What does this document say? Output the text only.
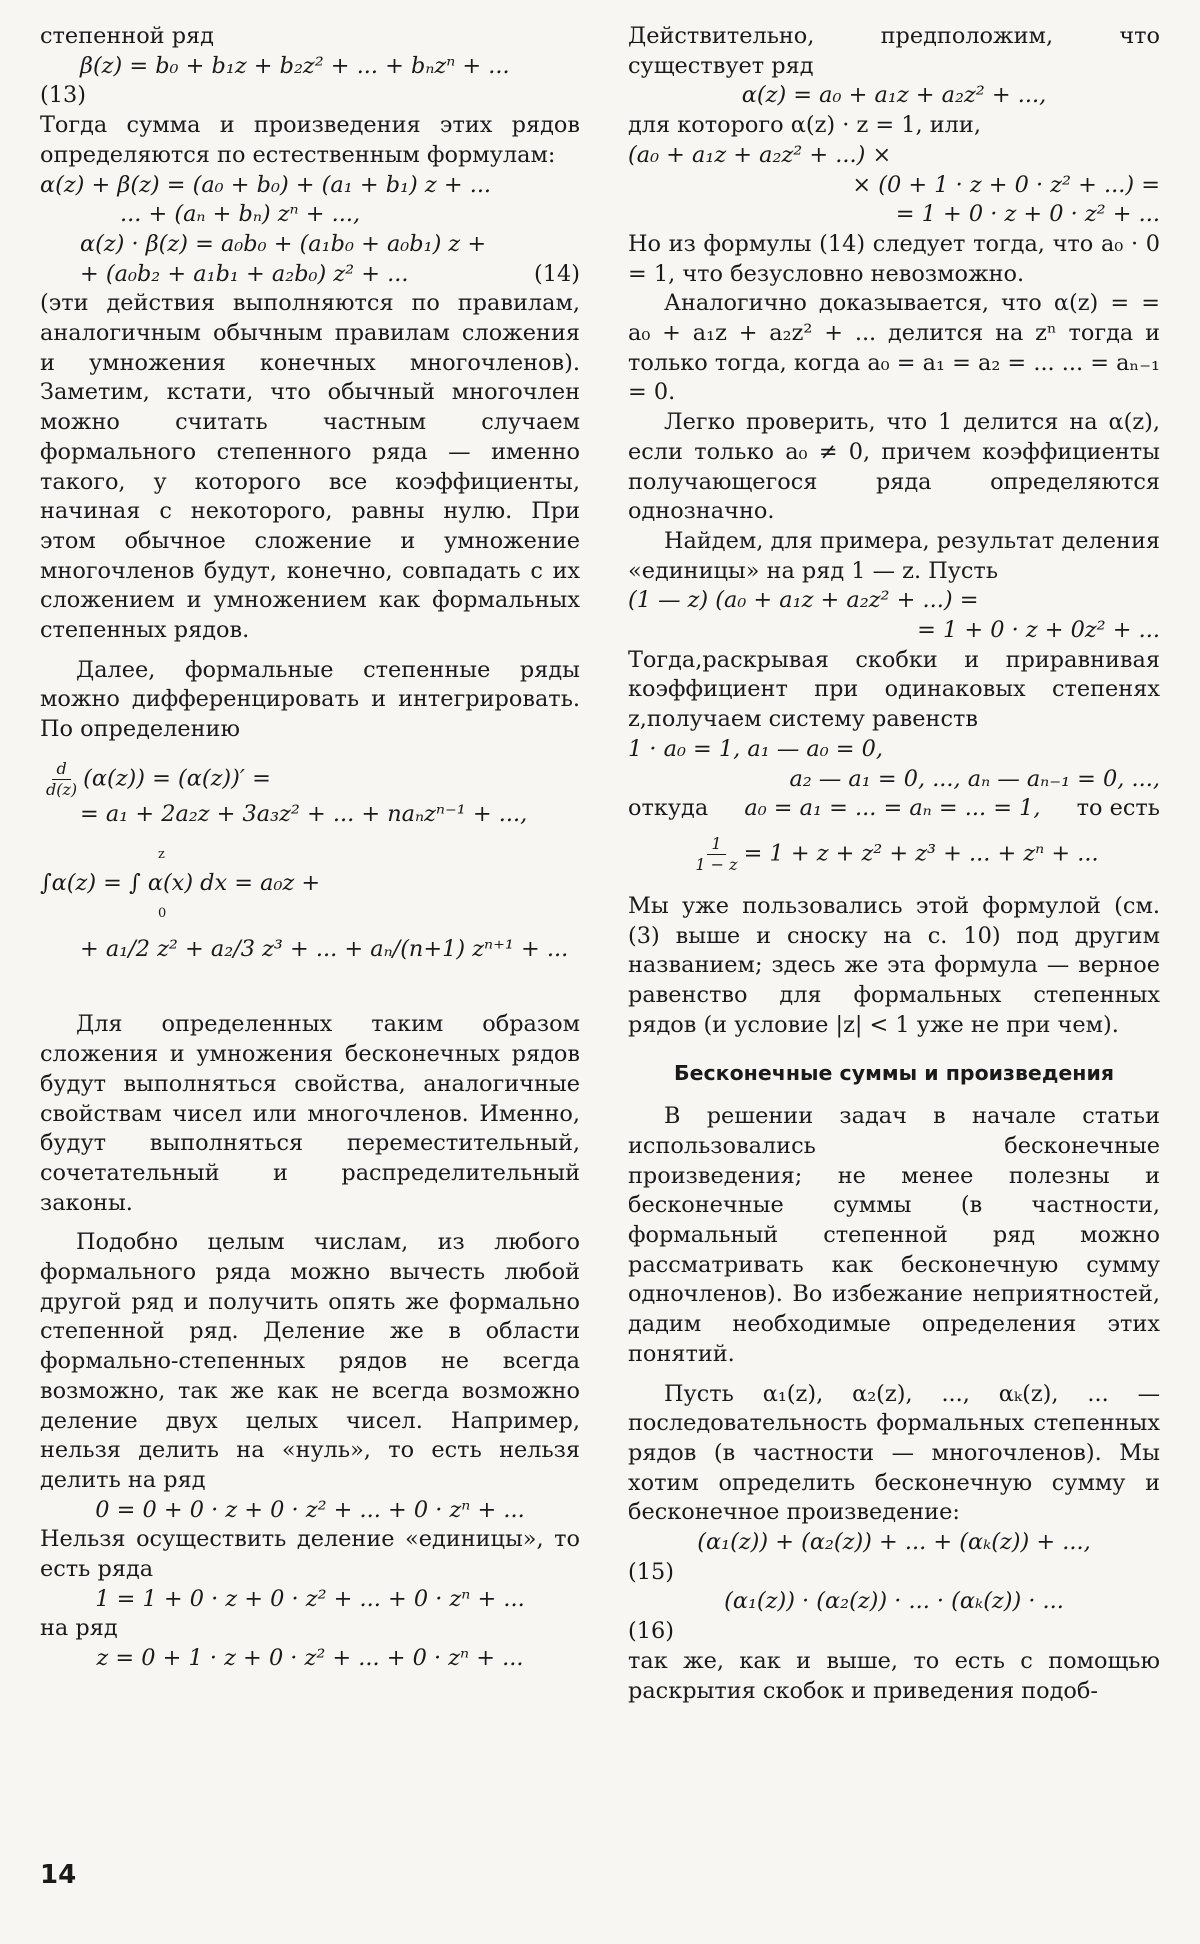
степенной ряд

β(z) = b₀ + b₁z + b₂z² + ... + bₙzⁿ + ...

(13)

Тогда сумма и произведения этих рядов определяются по естественным формулам:

α(z) + β(z) = (a₀ + b₀) + (a₁ + b₁) z + ...

... + (aₙ + bₙ) zⁿ + ...,

α(z) · β(z) = a₀b₀ + (a₁b₀ + a₀b₁) z +

+ (a₀b₂ + a₁b₁ + a₂b₀) z² + ...	(14)

(эти действия выполняются по правилам, аналогичным обычным правилам сложения и умножения конечных многочленов). Заметим, кстати, что обычный многочлен можно считать частным случаем формального степенного ряда — именно такого, у которого все коэффициенты, начиная с некоторого, равны нулю. При этом обычное сложение и умножение многочленов будут, конечно, совпадать с их сложением и умножением как формальных степенных рядов.

Далее, формальные степенные ряды можно дифференцировать и интегрировать. По определению

$\frac{d}{d(z)} (\alpha(z)) = (\alpha(z))'$ =

= a₁ + 2a₂z + 3a₃z² + ... + naₙzⁿ⁻¹ + ...,

z

∫α(z) = ∫ α(x) dx = a₀z +

0

+ a₁/2 z² + a₂/3 z³ + ... + aₙ/(n+1) zⁿ⁺¹ + ...

Для определенных таким образом сложения и умножения бесконечных рядов будут выполняться свойства, аналогичные свойствам чисел или многочленов. Именно, будут выполняться переместительный, сочетательный и распределительный законы.

Подобно целым числам, из любого формального ряда можно вычесть любой другой ряд и получить опять же формально степенной ряд. Деление же в области формально-степенных рядов не всегда возможно, так же как не всегда возможно деление двух целых чисел. Например, нельзя делить на «нуль», то есть нельзя делить на ряд

0 = 0 + 0 · z + 0 · z² + ... + 0 · zⁿ + ...

Нельзя осуществить деление «единицы», то есть ряда

1 = 1 + 0 · z + 0 · z² + ... + 0 · zⁿ + ...

на ряд

z = 0 + 1 · z + 0 · z² + ... + 0 · zⁿ + ...

Действительно, предположим, что существует ряд

α(z) = a₀ + a₁z + a₂z² + ...,

для которого α(z) · z = 1, или,

(a₀ + a₁z + a₂z² + ...) ×

× (0 + 1 · z + 0 · z² + ...) =

= 1 + 0 · z + 0 · z² + ...

Но из формулы (14) следует тогда, что a₀ · 0 = 1, что безусловно невозможно.

Аналогично доказывается, что α(z) = = a₀ + a₁z + a₂z² + ... делится на zⁿ тогда и только тогда, когда a₀ = a₁ = a₂ = ... ... = aₙ₋₁ = 0.

Легко проверить, что 1 делится на α(z), если только a₀ ≠ 0, причем коэффициенты получающегося ряда определяются однозначно.

Найдем, для примера, результат деления «единицы» на ряд 1 — z. Пусть

(1 — z) (a₀ + a₁z + a₂z² + ...) =

= 1 + 0 · z + 0z² + ...

Тогда,раскрывая скобки и приравнивая коэффициент при одинаковых степенях z,получаем систему равенств

1 · a₀ = 1, a₁ — a₀ = 0,

a₂ — a₁ = 0, ..., aₙ — aₙ₋₁ = 0, ...,

откуда a₀ = a₁ = ... = aₙ = ... = 1, то есть

$\frac{1}{1 - z} = 1 + z + z^2 + z^3$ + ... + zⁿ + ...

Мы уже пользовались этой формулой (см. (3) выше и сноску на с. 10) под другим названием; здесь же эта формула — верное равенство для формальных степенных рядов (и условие |z| < 1 уже не при чем).

Бесконечные суммы и произведения

В решении задач в начале статьи использовались бесконечные произведения; не менее полезны и бесконечные суммы (в частности, формальный степенной ряд можно рассматривать как бесконечную сумму одночленов). Во избежание неприятностей, дадим необходимые определения этих понятий.

Пусть α₁(z), α₂(z), ..., αₖ(z), ... — последовательность формальных степенных рядов (в частности — многочленов). Мы хотим определить бесконечную сумму и бесконечное произведение:

(α₁(z)) + (α₂(z)) + ... + (αₖ(z)) + ...,

(15)

(α₁(z)) · (α₂(z)) · ... · (αₖ(z)) · ...

(16)

так же, как и выше, то есть с помощью раскрытия скобок и приведения подоб-

14
